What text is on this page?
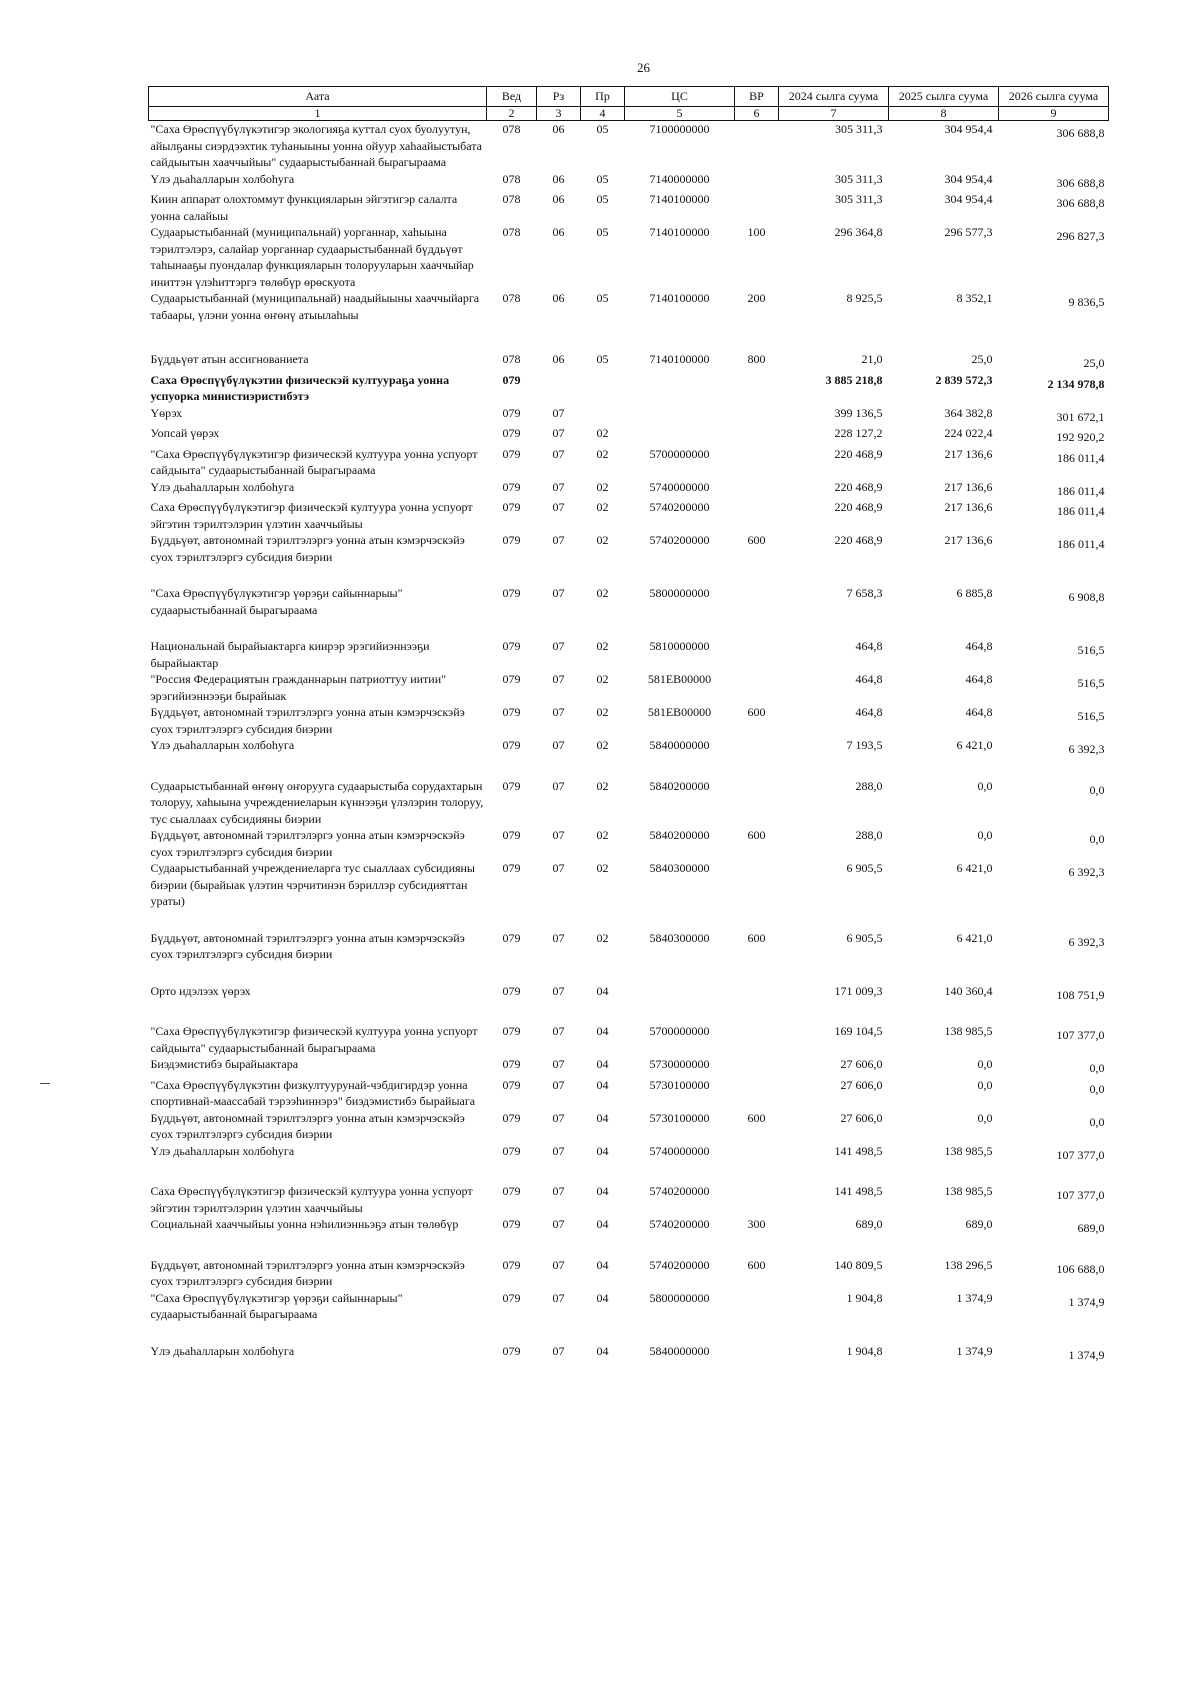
26
Аата	Вед	Рз	Пр	ЦС	ВР	2024 сылга суума	2025 сылга суума	2026 сылга суума
1	2	3	4	5	6	7	8	9
"Саха Өрөспүүбүлүкэтигэр экологияҕа куттал суох буолуутун, айылҕаны сиэрдээхтик туһаныыны уонна ойуур хаһаайыстыбата сайдыытын хааччыйыы" судаарыстыбаннай бырагыраама	078	06	05	7100000000		305 311,3	304 954,4	306 688,8
Үлэ дьаһалларын холбоһуга	078	06	05	7140000000		305 311,3	304 954,4	306 688,8
Киин аппарат олохтоммут функцияларын эйгэтигэр салалта уонна салайыы	078	06	05	7140100000		305 311,3	304 954,4	306 688,8
Судаарыстыбаннай (муниципальнай) уорганнар, хаһыына тэрилтэлэрэ, салайар уорганнар судаарыстыбаннай бүддьүөт таһынааҕы пуондалар функцияларын толорууларын хааччыйар иниттэн үлэһиттэргэ төлөбүр өрөскуота	078	06	05	7140100000	100	296 364,8	296 577,3	296 827,3
Судаарыстыбаннай (муниципальнай) наадыйыыны хааччыйарга табаары, үлэни уонна өҥөнү атыылаһыы	078	06	05	7140100000	200	8 925,5	8 352,1	9 836,5
Бүддьүөт атын ассигнованиета	078	06	05	7140100000	800	21,0	25,0	25,0
Саха Өрөспүүбүлүкэтин физическэй култуураҕа уонна успуорка министиэристибэтэ	079					3 885 218,8	2 839 572,3	2 134 978,8
Үөрэх	079	07				399 136,5	364 382,8	301 672,1
Уопсай үөрэх	079	07	02			228 127,2	224 022,4	192 920,2
"Саха Өрөспүүбүлүкэтигэр физическэй култуура уонна успуорт сайдыыта" судаарыстыбаннай бырагыраама	079	07	02	5700000000		220 468,9	217 136,6	186 011,4
Үлэ дьаһалларын холбоһуга	079	07	02	5740000000		220 468,9	217 136,6	186 011,4
Саха Өрөспүүбүлүкэтигэр физическэй култуура уонна успуорт эйгэтин тэрилтэлэрин үлэтин хааччыйыы	079	07	02	5740200000		220 468,9	217 136,6	186 011,4
Бүддьүөт, автономнай тэрилтэлэргэ уонна атын кэмэрчэскэйэ суох тэрилтэлэргэ субсидия биэрии	079	07	02	5740200000	600	220 468,9	217 136,6	186 011,4
"Саха Өрөспүүбүлүкэтигэр үөрэҕи сайыннарыы" судаарыстыбаннай бырагыраама	079	07	02	5800000000		7 658,3	6 885,8	6 908,8
Национальнай бырайыактарга киирэр эрэгийиэннээҕи бырайыактар	079	07	02	5810000000		464,8	464,8	516,5
"Россия Федерациятын гражданнарын патриоттуу иитии" эрэгийиэннээҕи бырайыак	079	07	02	581ЕВ00000		464,8	464,8	516,5
Бүддьүөт, автономнай тэрилтэлэргэ уонна атын кэмэрчэскэйэ суох тэрилтэлэргэ субсидия биэрии	079	07	02	581ЕВ00000	600	464,8	464,8	516,5
Үлэ дьаһалларын холбоһуга	079	07	02	5840000000		7 193,5	6 421,0	6 392,3
Судаарыстыбаннай өҥөнү оҥорууга судаарыстыба сорудахтарын толоруу, хаһыына учреждениеларын күннээҕи үлэлэрин толоруу, тус сыаллаах субсидияны биэрии	079	07	02	5840200000		288,0	0,0	0,0
Бүддьүөт, автономнай тэрилтэлэргэ уонна атын кэмэрчэскэйэ суох тэрилтэлэргэ субсидия биэрии	079	07	02	5840200000	600	288,0	0,0	0,0
Судаарыстыбаннай учреждениеларга тус сыаллаах субсидияны биэрии (бырайыак үлэтин чэрчитинэн бэриллэр субсидияттан ураты)	079	07	02	5840300000		6 905,5	6 421,0	6 392,3
Бүддьүөт, автономнай тэрилтэлэргэ уонна атын кэмэрчэскэйэ суох тэрилтэлэргэ субсидия биэрии	079	07	02	5840300000	600	6 905,5	6 421,0	6 392,3
Орто идэлээх үөрэх	079	07	04			171 009,3	140 360,4	108 751,9
"Саха Өрөспүүбүлүкэтигэр физическэй култуура уонна успуорт сайдыыта" судаарыстыбаннай бырагыраама	079	07	04	5700000000		169 104,5	138 985,5	107 377,0
Биэдэмистибэ бырайыактара	079	07	04	5730000000		27 606,0	0,0	0,0
"Саха Өрөспүүбүлүкэтин физкултуурунай-чэбдигирдэр уонна спортивнай-маассабай тэрээһиннэрэ" биэдэмистибэ бырайыага	079	07	04	5730100000		27 606,0	0,0	0,0
Бүддьүөт, автономнай тэрилтэлэргэ уонна атын кэмэрчэскэйэ суох тэрилтэлэргэ субсидия биэрии	079	07	04	5730100000	600	27 606,0	0,0	0,0
Үлэ дьаһалларын холбоһуга	079	07	04	5740000000		141 498,5	138 985,5	107 377,0
Саха Өрөспүүбүлүкэтигэр физическэй култуура уонна успуорт эйгэтин тэрилтэлэрин үлэтин хааччыйыы	079	07	04	5740200000		141 498,5	138 985,5	107 377,0
Социальнай хааччыйыы уонна нэһилиэнньэҕэ атын төлөбүр	079	07	04	5740200000	300	689,0	689,0	689,0
Бүддьүөт, автономнай тэрилтэлэргэ уонна атын кэмэрчэскэйэ суох тэрилтэлэргэ субсидия биэрии	079	07	04	5740200000	600	140 809,5	138 296,5	106 688,0
"Саха Өрөспүүбүлүкэтигэр үөрэҕи сайыннарыы" судаарыстыбаннай бырагыраама	079	07	04	5800000000		1 904,8	1 374,9	1 374,9
Үлэ дьаһалларын холбоһуга	079	07	04	5840000000		1 904,8	1 374,9	1 374,9
